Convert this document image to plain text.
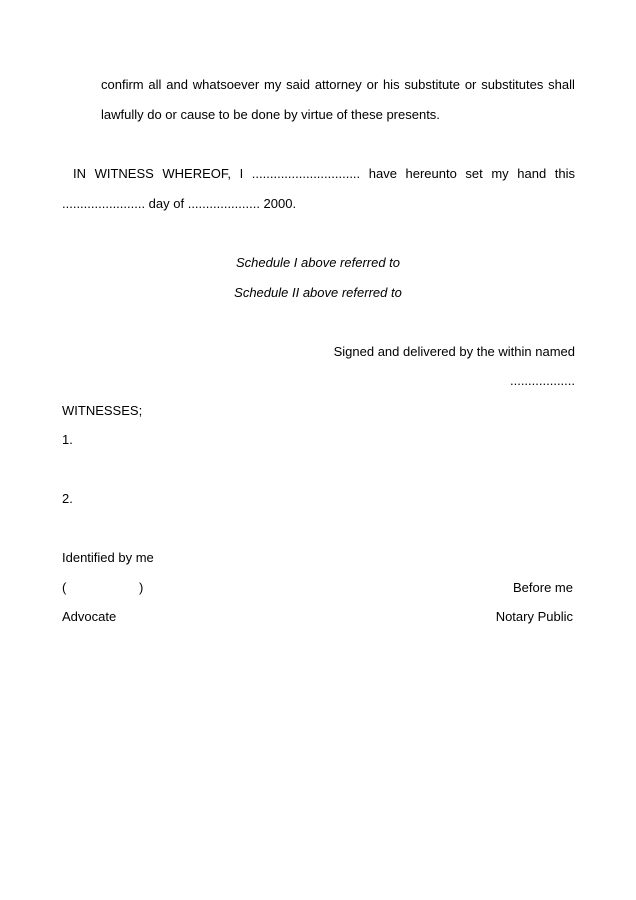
confirm all and whatsoever my said attorney or his substitute or substitutes shall
lawfully do or cause to be done by virtue of these presents.
IN WITNESS WHEREOF, I .............................. have hereunto set my hand this
....................... day of .................... 2000.
Schedule I above referred to
Schedule II above referred to
Signed and delivered by the within named
..................
WITNESSES;
1.
2.
Identified by me
(	)	Before me
Advocate	Notary Public
